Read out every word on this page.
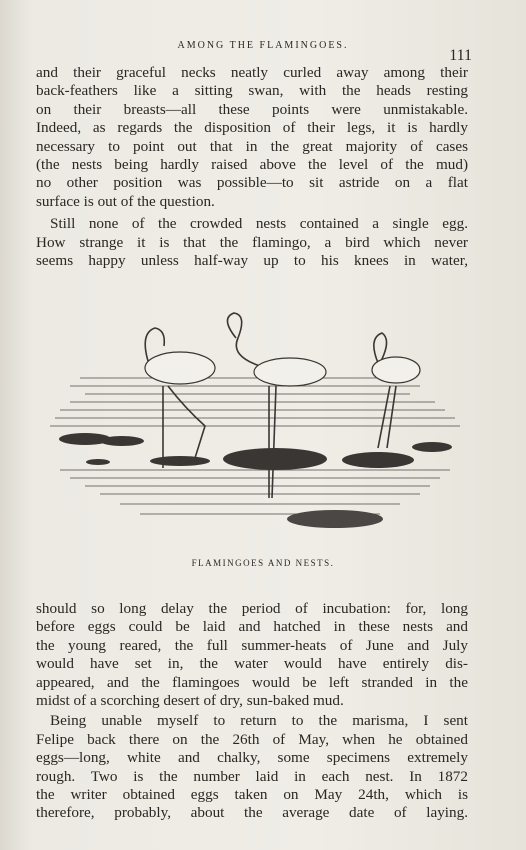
AMONG THE FLAMINGOES.
111
and their graceful necks neatly curled away among their
back-feathers like a sitting swan, with the heads resting
on their breasts—all these points were unmistakable.
Indeed, as regards the disposition of their legs, it is hardly
necessary to point out that in the great majority of cases
(the nests being hardly raised above the level of the mud)
no other position was possible—to sit astride on a flat
surface is out of the question.
Still none of the crowded nests contained a single egg.
How strange it is that the flamingo, a bird which never
seems happy unless half-way up to his knees in water,
FLAMINGOES AND NESTS.
should so long delay the period of incubation: for, long
before eggs could be laid and hatched in these nests and
the young reared, the full summer-heats of June and July
would have set in, the water would have entirely dis-
appeared, and the flamingoes would be left stranded in the
midst of a scorching desert of dry, sun-baked mud.
Being unable myself to return to the marisma, I sent
Felipe back there on the 26th of May, when he obtained
eggs—long, white and chalky, some specimens extremely
rough. Two is the number laid in each nest. In 1872
the writer obtained eggs taken on May 24th, which is
therefore, probably, about the average date of laying.
